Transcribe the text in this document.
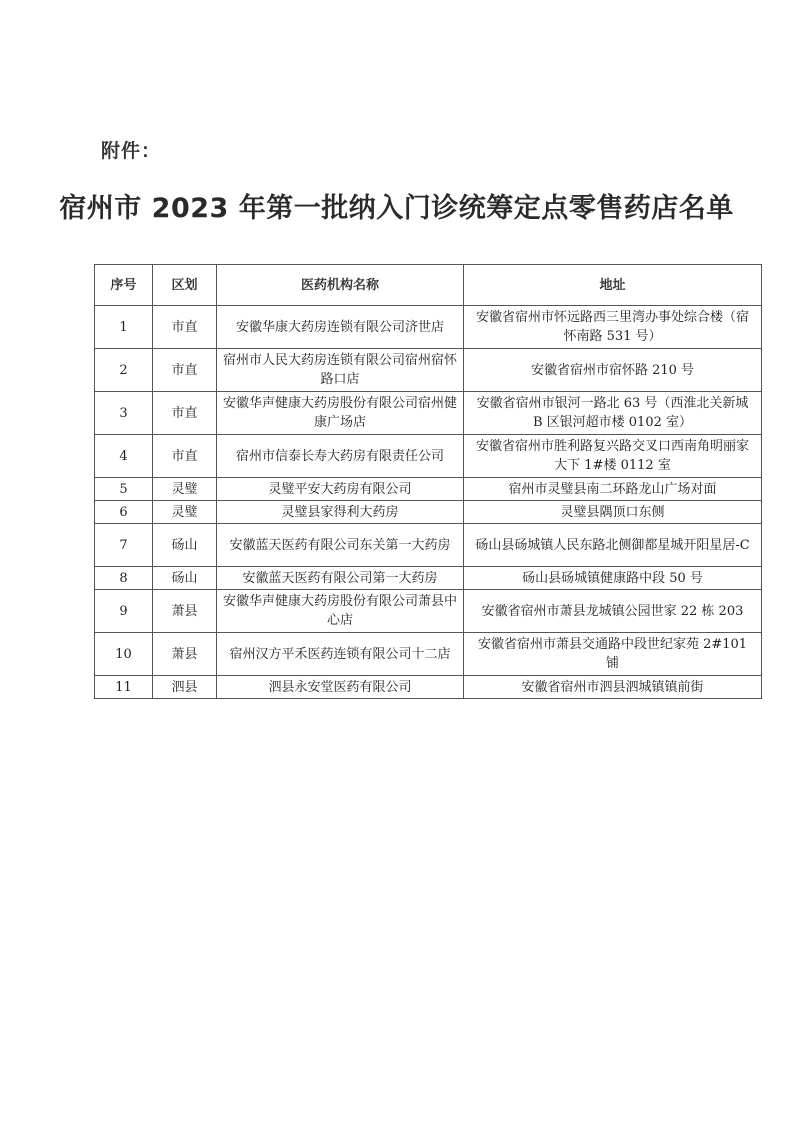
附件：
宿州市 2023 年第一批纳入门诊统筹定点零售药店名单
序号	区划	医药机构名称	地址
1	市直	安徽华康大药房连锁有限公司济世店	安徽省宿州市怀远路西三里湾办事处综合楼（宿怀南路 531 号）
2	市直	宿州市人民大药房连锁有限公司宿州宿怀路口店	安徽省宿州市宿怀路 210 号
3	市直	安徽华声健康大药房股份有限公司宿州健康广场店	安徽省宿州市银河一路北 63 号（西淮北关新城 B 区银河超市楼 0102 室）
4	市直	宿州市信泰长寿大药房有限责任公司	安徽省宿州市胜利路复兴路交叉口西南角明丽家大下 1#楼 0112 室
5	灵璧	灵璧平安大药房有限公司	宿州市灵璧县南二环路龙山广场对面
6	灵璧	灵璧县家得利大药房	灵璧县隅顶口东侧
7	砀山	安徽蓝天医药有限公司东关第一大药房	砀山县砀城镇人民东路北侧御都星城开阳星居-C
8	砀山	安徽蓝天医药有限公司第一大药房	砀山县砀城镇健康路中段 50 号
9	萧县	安徽华声健康大药房股份有限公司萧县中心店	安徽省宿州市萧县龙城镇公园世家 22 栋 203
10	萧县	宿州汉方平禾医药连锁有限公司十二店	安徽省宿州市萧县交通路中段世纪家苑 2#101 铺
11	泗县	泗县永安堂医药有限公司	安徽省宿州市泗县泗城镇镇前街
